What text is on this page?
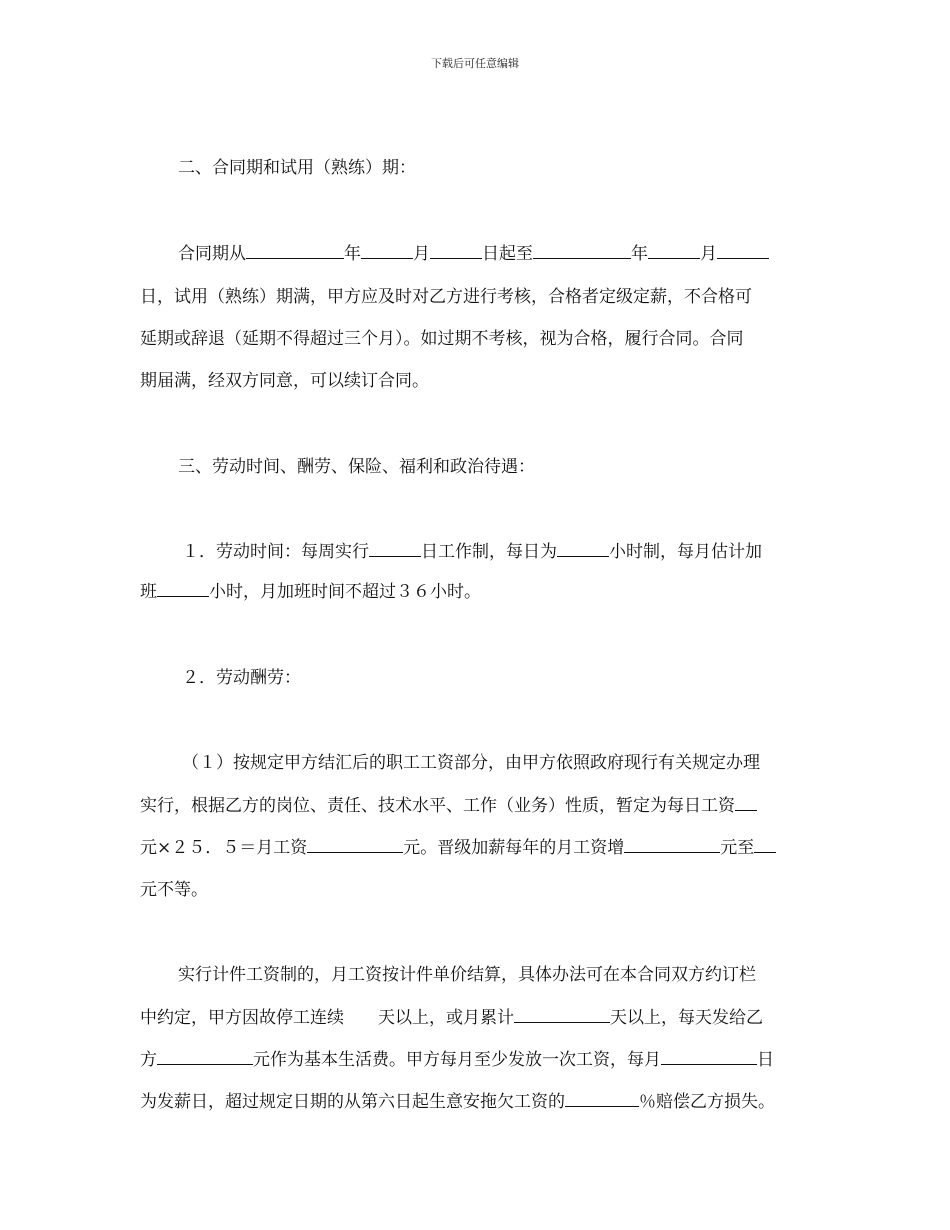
下载后可任意编辑
二、合同期和试用（熟练）期：
合同期从	年	月	日起至	年	月
日，试用（熟练）期满，甲方应及时对乙方进行考核，合格者定级定薪，不合格可
延期或辞退（延期不得超过三个月）。如过期不考核，视为合格，履行合同。合同
期届满，经双方同意，可以续订合同。
三、劳动时间、酬劳、保险、福利和政治待遇：
１．劳动时间：每周实行	日工作制，每日为	小时制，每月估计加
班	小时，月加班时间不超过３６小时。
２．劳动酬劳：
（１）按规定甲方结汇后的职工工资部分，由甲方依照政府现行有关规定办理
实行，根据乙方的岗位、责任、技术水平、工作（业务）性质，暂定为每日工资
元×２５．５＝月工资	元。晋级加薪每年的月工资增	元至
元不等。
实行计件工资制的，月工资按计件单价结算，具体办法可在本合同双方约订栏
中约定，甲方因故停工连续 天以上，或月累计	天以上，每天发给乙
方	元作为基本生活费。甲方每月至少发放一次工资，每月	日
为发薪日，超过规定日期的从第六日起生意安拖欠工资的	％赔偿乙方损失。
